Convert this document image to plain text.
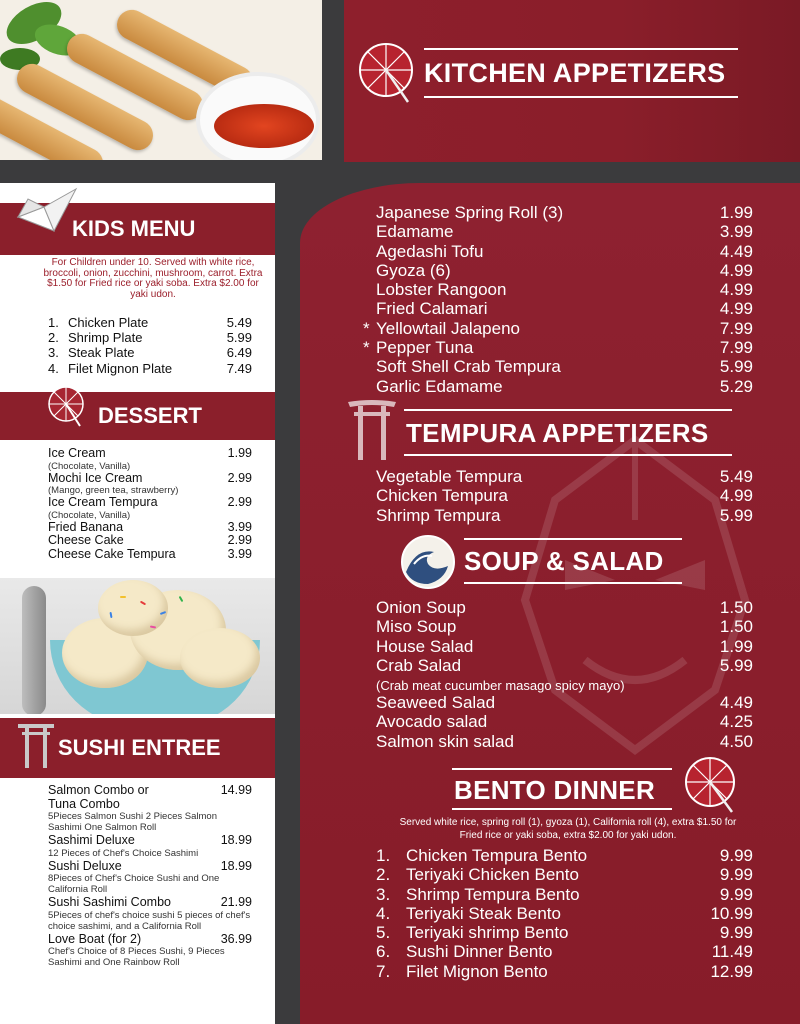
KIDS MENU
For Children under 10. Served with white rice, broccoli, onion, zucchini, mushroom, carrot. Extra $1.50 for Fried rice or yaki soba. Extra $2.00 for yaki udon.
1. Chicken Plate	5.49
2. Shrimp Plate	5.99
3. Steak Plate	6.49
4. Filet Mignon Plate	7.49
DESSERT
Ice Cream	1.99
(Chocolate, Vanilla)
Mochi Ice Cream	2.99
(Mango, green tea, strawberry)
Ice Cream Tempura	2.99
(Chocolate, Vanilla)
Fried Banana	3.99
Cheese Cake	2.99
Cheese Cake Tempura	3.99
SUSHI ENTREE
Salmon Combo or Tuna Combo
14.99
5Pieces Salmon Sushi 2 Pieces Salmon Sashimi One Salmon Roll
Sashimi Deluxe	18.99
12 Pieces of Chef's Choice Sashimi
Sushi Deluxe	18.99
8Pieces of Chef's Choice Sushi and One California Roll
Sushi Sashimi Combo	21.99
5Pieces of chef's choice sushi 5 pieces of chef's choice sashimi, and a California Roll
Love Boat (for 2)	36.99
Chef's Choice of 8 Pieces Sushi, 9 Pieces Sashimi and One Rainbow Roll
KITCHEN APPETIZERS
Japanese Spring Roll (3)	1.99
Edamame	3.99
Agedashi Tofu	4.49
Gyoza (6)	4.99
Lobster Rangoon	4.99
Fried Calamari	4.99
* Yellowtail Jalapeno	7.99
* Pepper Tuna	7.99
Soft Shell Crab Tempura	5.99
Garlic Edamame	5.29
TEMPURA APPETIZERS
Vegetable Tempura	5.49
Chicken Tempura	4.99
Shrimp Tempura	5.99
SOUP & SALAD
Onion Soup	1.50
Miso Soup	1.50
House Salad	1.99
Crab Salad	5.99
(Crab meat cucumber masago spicy mayo)
Seaweed Salad	4.49
Avocado salad	4.25
Salmon skin salad	4.50
BENTO DINNER
Served white rice, spring roll (1), gyoza (1), California roll (4), extra $1.50 for Fried rice or yaki soba, extra $2.00 for yaki udon.
1. Chicken Tempura Bento	9.99
2. Teriyaki Chicken Bento	9.99
3. Shrimp Tempura Bento	9.99
4. Teriyaki Steak Bento	10.99
5. Teriyaki shrimp Bento	9.99
6. Sushi Dinner Bento	11.49
7. Filet Mignon Bento	12.99
